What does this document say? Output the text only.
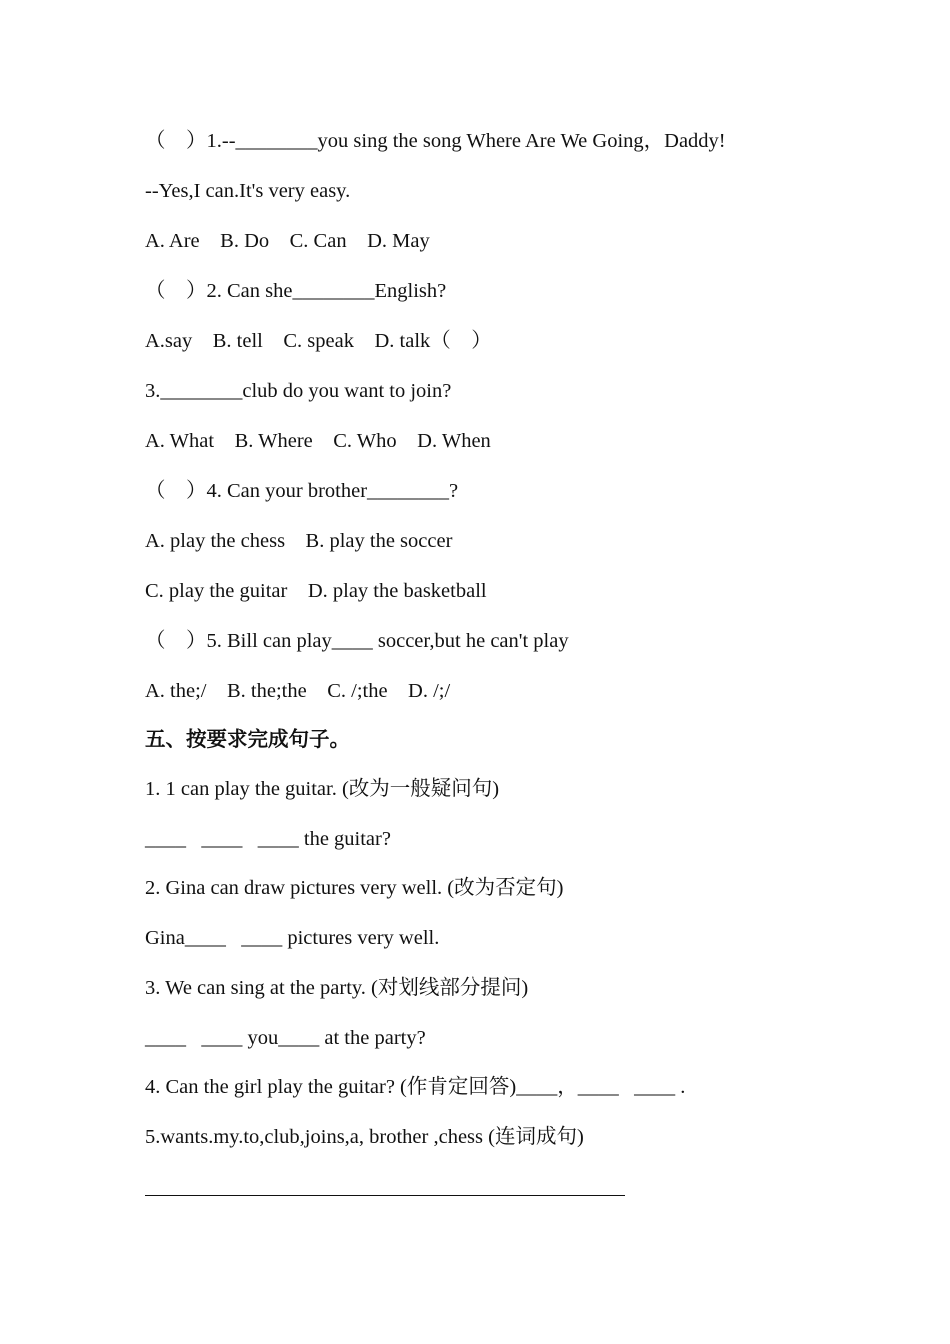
（    ）1.--________you sing the song Where Are We Going，Daddy!
--Yes,I can.It's very easy.
A. Are    B. Do    C. Can    D. May
（    ）2. Can she________English?
A.say    B. tell    C. speak    D. talk（    ）
3.________club do you want to join?
A. What    B. Where    C. Who    D. When
（    ）4. Can your brother________?
A. play the chess    B. play the soccer
C. play the guitar    D. play the basketball
（    ）5. Bill can play____ soccer,but he can't play
A. the;/    B. the;the    C. /;the    D. /;/
五、按要求完成句子。
1. 1 can play the guitar. (改为一般疑问句)
____   ____   ____ the guitar?
2. Gina can draw pictures very well. (改为否定句)
Gina____   ____ pictures very well.
3. We can sing at the party. (对划线部分提问)
____   ____ you____ at the party?
4. Can the girl play the guitar? (作肯定回答)____，____   ____ .
5.wants.my.to,club,joins,a, brother ,chess (连词成句)
